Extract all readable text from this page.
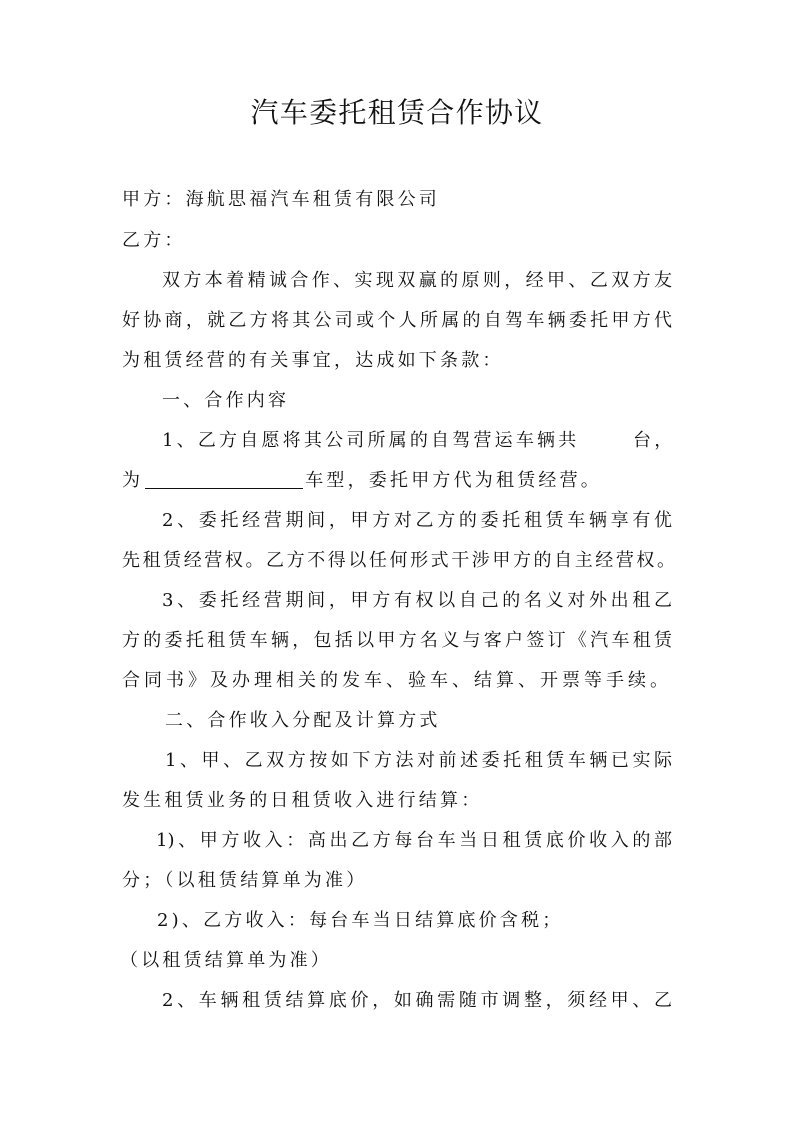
汽车委托租赁合作协议
甲方：海航思福汽车租赁有限公司
乙方：
双方本着精诚合作、实现双赢的原则，经甲、乙双方友
好协商，就乙方将其公司或个人所属的自驾车辆委托甲方代
为租赁经营的有关事宜，达成如下条款：
一、合作内容
1、乙方自愿将其公司所属的自驾营运车辆共	台，
为	车型，委托甲方代为租赁经营。
2、委托经营期间，甲方对乙方的委托租赁车辆享有优
先租赁经营权。乙方不得以任何形式干涉甲方的自主经营权。
3、委托经营期间，甲方有权以自己的名义对外出租乙
方的委托租赁车辆，包括以甲方名义与客户签订《汽车租赁
合同书》及办理相关的发车、验车、结算、开票等手续。
二、合作收入分配及计算方式
1、甲、乙双方按如下方法对前述委托租赁车辆已实际
发生租赁业务的日租赁收入进行结算：
1)、甲方收入：高出乙方每台车当日租赁底价收入的部
分；（以租赁结算单为准）
2)、乙方收入：每台车当日结算底价含税；
（以租赁结算单为准）
2、车辆租赁结算底价，如确需随市调整，须经甲、乙
